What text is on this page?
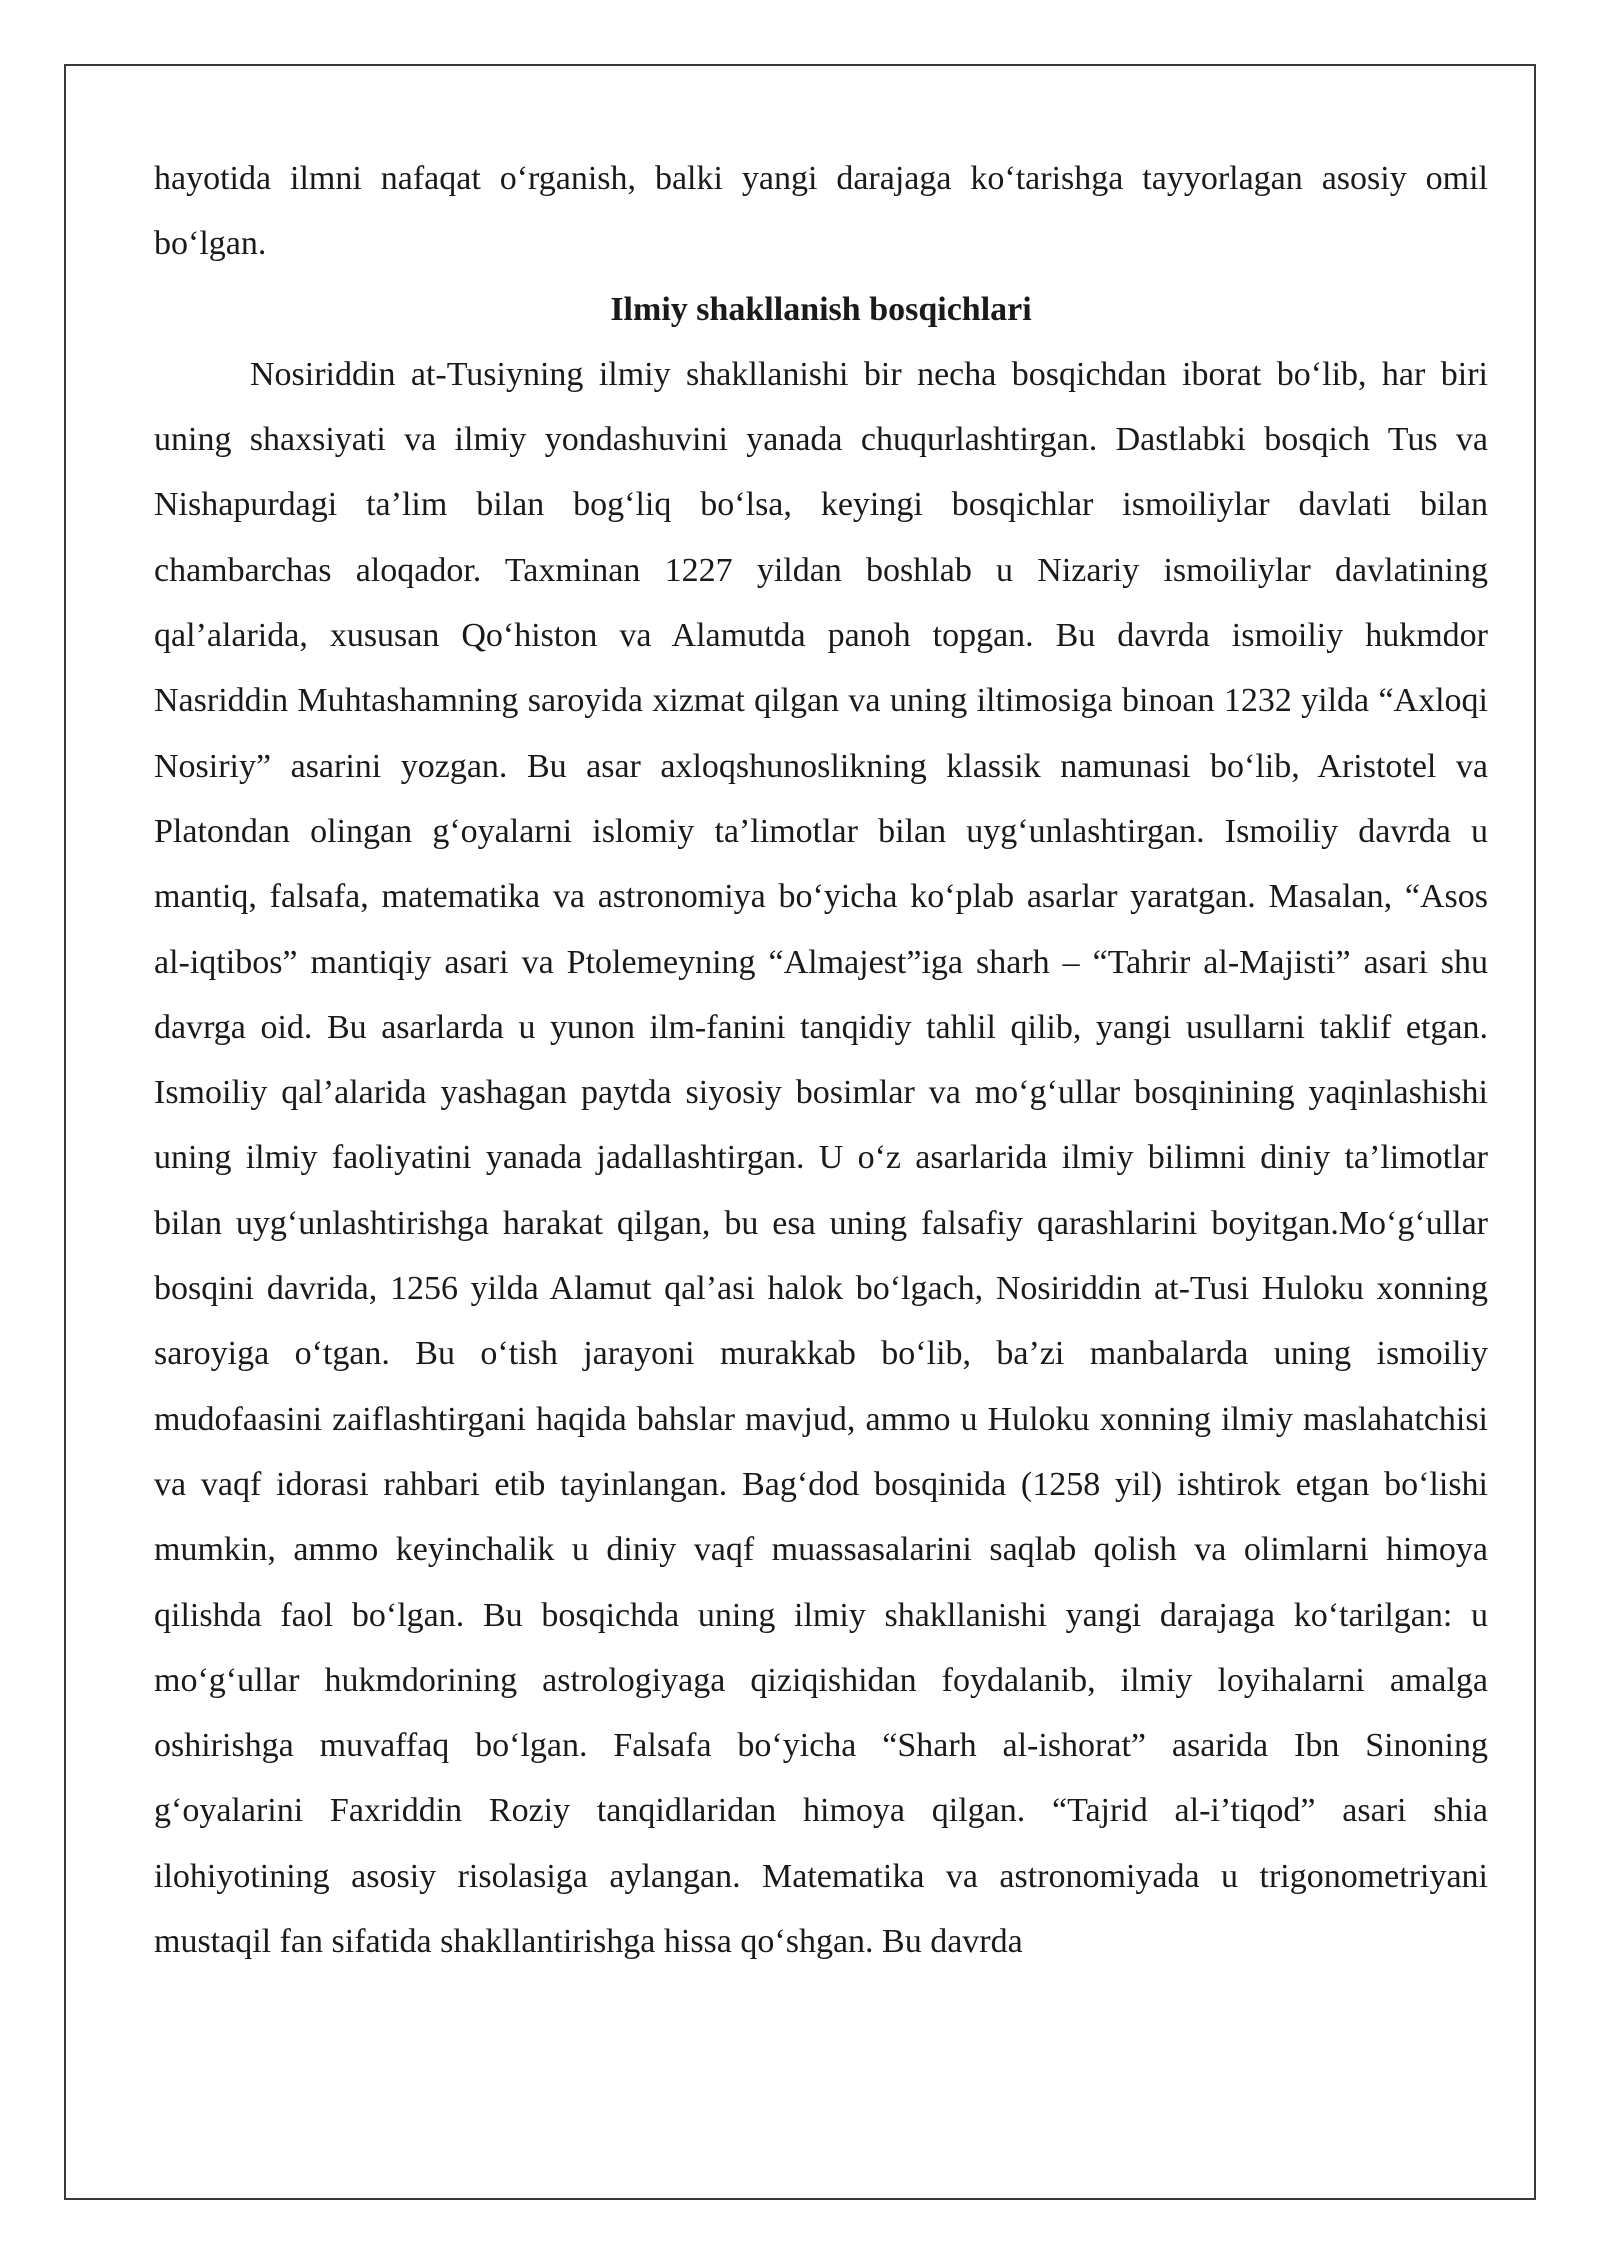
hayotida ilmni nafaqat o‘rganish, balki yangi darajaga ko‘tarishga tayyorlagan asosiy omil bo‘lgan.

Ilmiy shakllanish bosqichlari

Nosiriddin at-Tusiyning ilmiy shakllanishi bir necha bosqichdan iborat bo‘lib, har biri uning shaxsiyati va ilmiy yondashuvini yanada chuqurlashtirgan. Dastlabki bosqich Tus va Nishapurdagi ta’lim bilan bog‘liq bo‘lsa, keyingi bosqichlar ismoiliylar davlati bilan chambarchas aloqador. Taxminan 1227 yildan boshlab u Nizariy ismoiliylar davlatining qal’alarida, xususan Qo‘histon va Alamutda panoh topgan. Bu davrda ismoiliy hukmdor Nasriddin Muhtashamning saroyida xizmat qilgan va uning iltimosiga binoan 1232 yilda “Axloqi Nosiriy” asarini yozgan. Bu asar axloqshunoslikning klassik namunasi bo‘lib, Aristotel va Platondan olingan g‘oyalarni islomiy ta’limotlar bilan uyg‘unlashtirgan. Ismoiliy davrda u mantiq, falsafa, matematika va astronomiya bo‘yicha ko‘plab asarlar yaratgan. Masalan, “Asos al-iqtibos” mantiqiy asari va Ptolemeyning “Almajest”iga sharh – “Tahrir al-Majisti” asari shu davrga oid. Bu asarlarda u yunon ilm-fanini tanqidiy tahlil qilib, yangi usullarni taklif etgan. Ismoiliy qal’alarida yashagan paytda siyosiy bosimlar va mo‘g‘ullar bosqinining yaqinlashishi uning ilmiy faoliyatini yanada jadallashtirgan. U o‘z asarlarida ilmiy bilimni diniy ta’limotlar bilan uyg‘unlashtirishga harakat qilgan, bu esa uning falsafiy qarashlarini boyitgan.Mo‘g‘ullar bosqini davrida, 1256 yilda Alamut qal’asi halok bo‘lgach, Nosiriddin at-Tusi Huloku xonning saroyiga o‘tgan. Bu o‘tish jarayoni murakkab bo‘lib, ba’zi manbalarda uning ismoiliy mudofaasini zaiflashtirgani haqida bahslar mavjud, ammo u Huloku xonning ilmiy maslahatchisi va vaqf idorasi rahbari etib tayinlangan. Bag‘dod bosqinida (1258 yil) ishtirok etgan bo‘lishi mumkin, ammo keyinchalik u diniy vaqf muassasalarini saqlab qolish va olimlarni himoya qilishda faol bo‘lgan. Bu bosqichda uning ilmiy shakllanishi yangi darajaga ko‘tarilgan: u mo‘g‘ullar hukmdorining astrologiyaga qiziqishidan foydalanib, ilmiy loyihalarni amalga oshirishga muvaffaq bo‘lgan. Falsafa bo‘yicha “Sharh al-ishorat” asarida Ibn Sinoning g‘oyalarini Faxriddin Roziy tanqidlaridan himoya qilgan. “Tajrid al-i’tiqod” asari shia ilohiyotining asosiy risolasiga aylangan. Matematika va astronomiyada u trigonometriyani mustaqil fan sifatida shakllantirishga hissa qo‘shgan. Bu davrda
